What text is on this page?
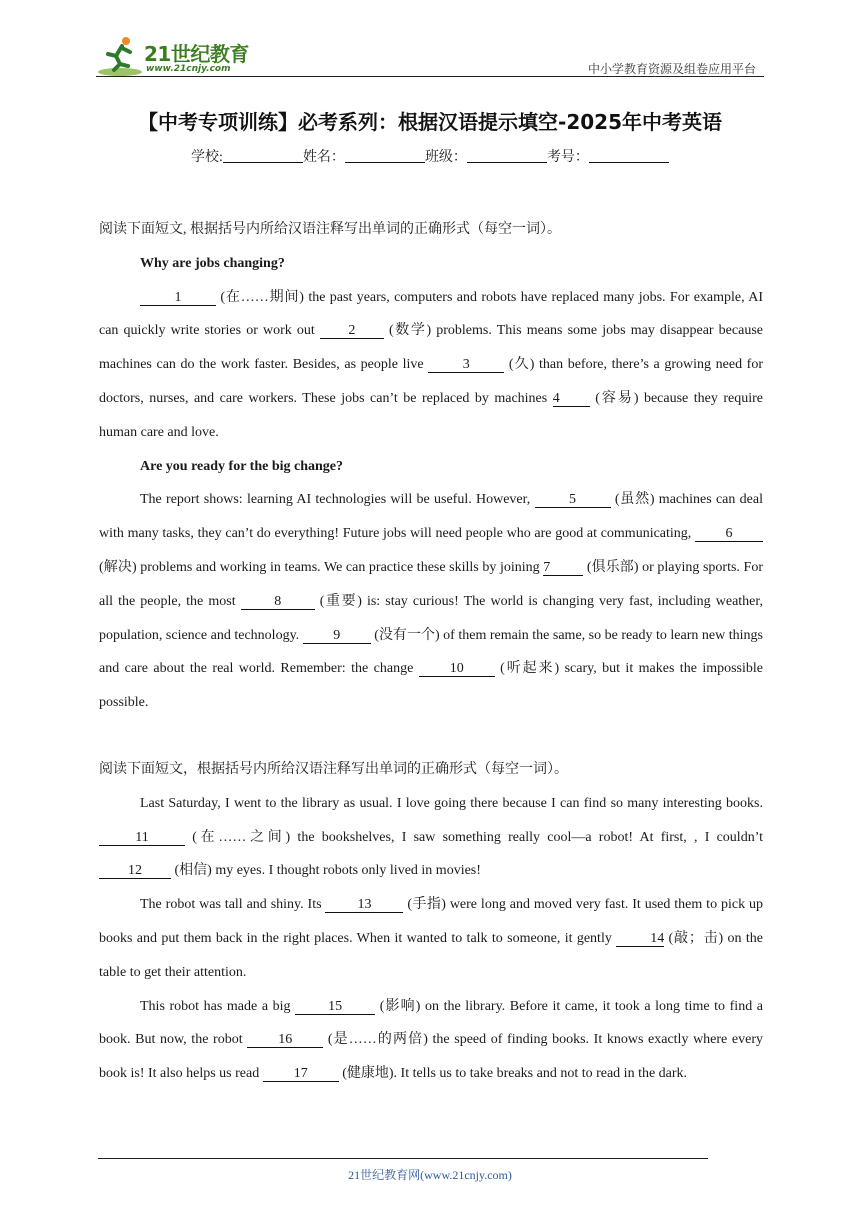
21世纪教育
www.21cnjy.com	中小学教育资源及组卷应用平台
【中考专项训练】必考系列：根据汉语提示填空-2025年中考英语
学校:	姓名：	班级：	考号：

阅读下面短文, 根据括号内所给汉语注释写出单词的正确形式（每空一词）。

Why are jobs changing?

1 (在……期间) the past years, computers and robots have replaced many jobs. For example, AI can quickly write stories or work out 2 (数学) problems. This means some jobs may disappear because machines can do the work faster. Besides, as people live 3 (久) than before, there’s a growing need for doctors, nurses, and care workers. These jobs can’t be replaced by machines 4 (容易) because they require human care and love.

Are you ready for the big change?

The report shows: learning AI technologies will be useful. However, 5 (虽然) machines can deal with many tasks, they can’t do everything! Future jobs will need people who are good at communicating, 6 (解决) problems and working in teams. We can practice these skills by joining 7 (俱乐部) or playing sports. For all the people, the most 8 (重要) is: stay curious! The world is changing very fast, including weather, population, science and technology. 9 (没有一个) of them remain the same, so be ready to learn new things and care about the real world. Remember: the change 10 (听起来) scary, but it makes the impossible possible.

阅读下面短文，根据括号内所给汉语注释写出单词的正确形式（每空一词）。

Last Saturday, I went to the library as usual. I love going there because I can find so many interesting books. 11	(在……之间) the bookshelves, I saw something really cool—a robot! At first, , I couldn’t 12 (相信) my eyes. I thought robots only lived in movies!

The robot was tall and shiny. Its 13 (手指) were long and moved very fast. It used them to pick up books and put them back in the right places. When it wanted to talk to someone, it gently 14 (敲；击) on the table to get their attention.

This robot has made a big 15 (影响) on the library. Before it came, it took a long time to find a book. But now, the robot 16 (是……的两倍) the speed of finding books. It knows exactly where every book is! It also helps us read 17 (健康地). It tells us to take breaks and not to read in the dark.

21世纪教育网(www.21cnjy.com)
